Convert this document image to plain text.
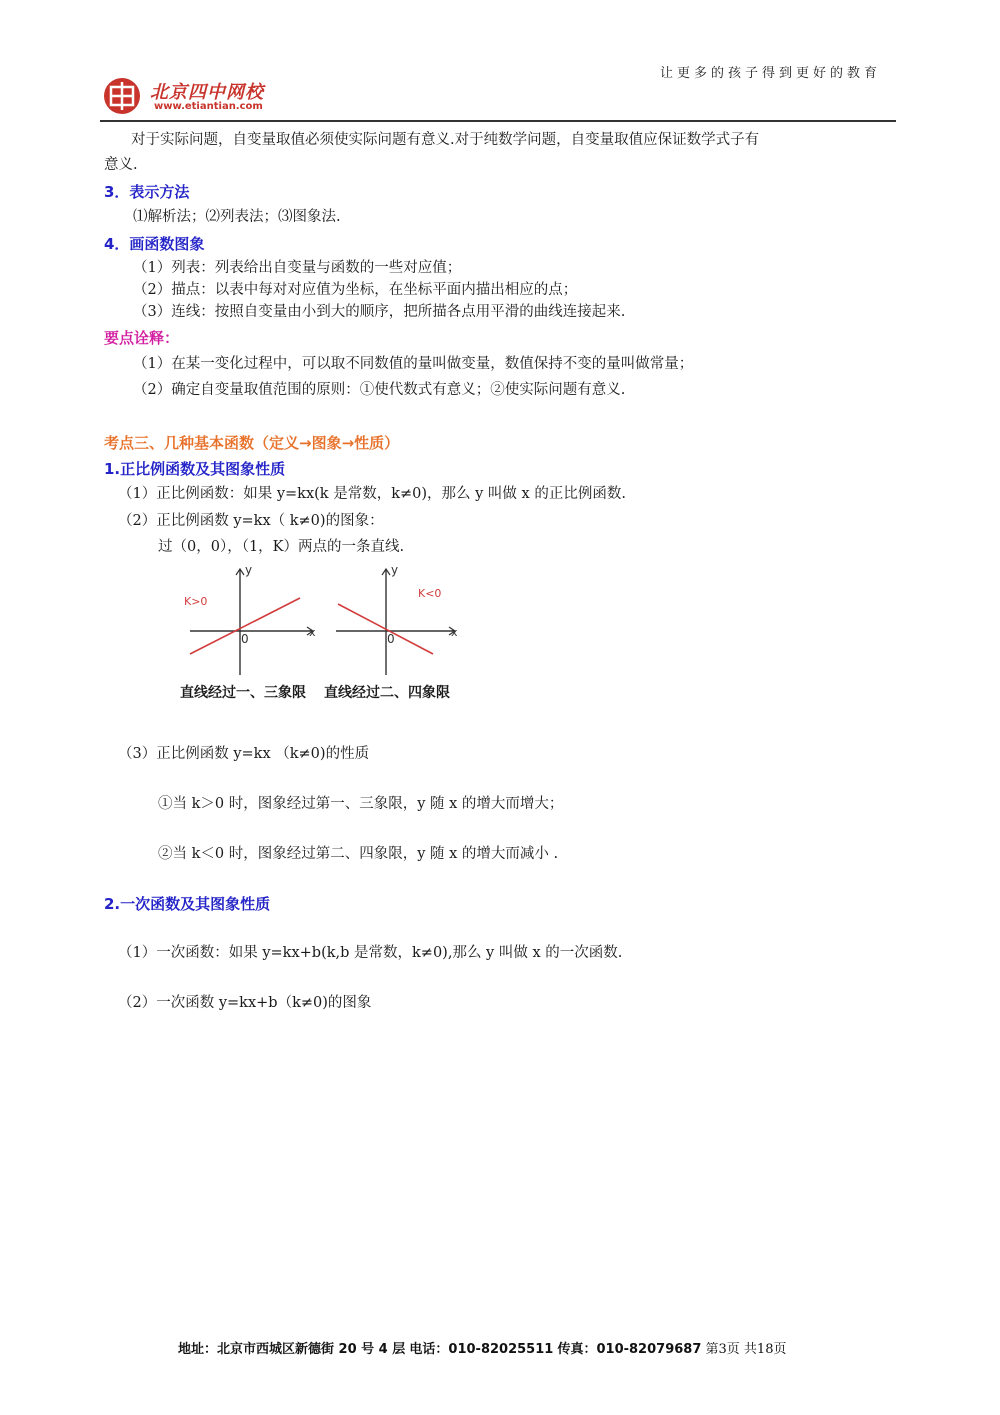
让更多的孩子得到更好的教育
北京四中网校
www.etiantian.com
对于实际问题，自变量取值必须使实际问题有意义.对于纯数学问题，自变量取值应保证数学式子有
意义.
3．表示方法
⑴解析法；⑵列表法；⑶图象法.
4．画函数图象
（1）列表：列表给出自变量与函数的一些对应值；
（2）描点：以表中每对对应值为坐标，在坐标平面内描出相应的点；
（3）连线：按照自变量由小到大的顺序，把所描各点用平滑的曲线连接起来.
要点诠释：
（1）在某一变化过程中，可以取不同数值的量叫做变量，数值保持不变的量叫做常量；
（2）确定自变量取值范围的原则：①使代数式有意义；②使实际问题有意义.
考点三、几种基本函数（定义→图象→性质）
1.正比例函数及其图象性质
（1）正比例函数：如果 y=kx(k 是常数，k≠0)，那么 y 叫做 x 的正比例函数.
（2）正比例函数 y=kx（ k≠0)的图象：
过（0，0），（1，K）两点的一条直线.
K>0
y
x
0
K<0
y
x
0
直线经过一、三象限 直线经过二、四象限
（3）正比例函数 y=kx （k≠0)的性质
①当 k＞0 时，图象经过第一、三象限，y 随 x 的增大而增大；
②当 k＜0 时，图象经过第二、四象限，y 随 x 的增大而减小 .
2.一次函数及其图象性质
（1）一次函数：如果 y=kx+b(k,b 是常数，k≠0),那么 y 叫做 x 的一次函数.
（2）一次函数 y=kx+b（k≠0)的图象
地址：北京市西城区新德街 20 号 4 层 电话：010-82025511 传真：010-82079687 第3页 共18页
